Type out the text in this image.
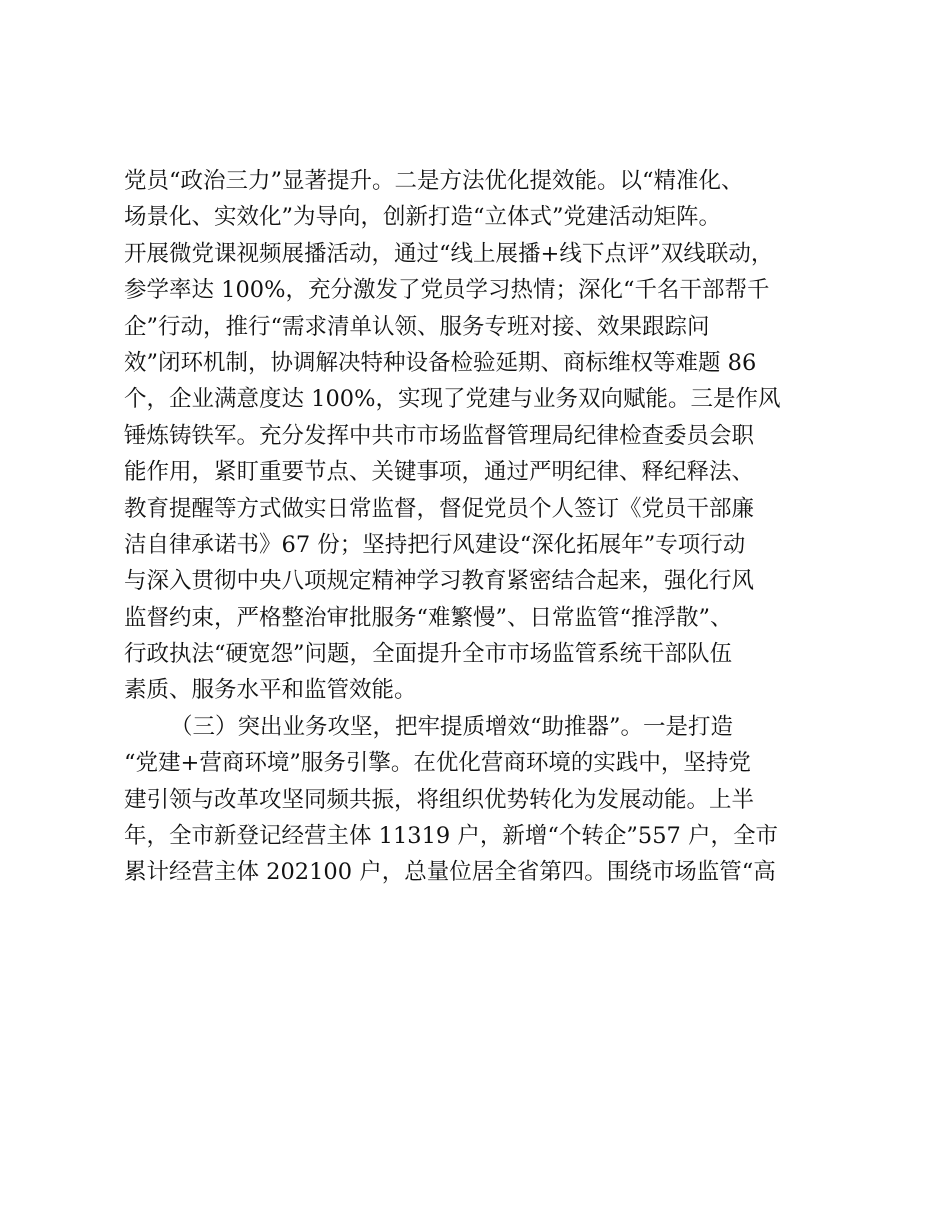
党员“政治三力”显著提升。二是方法优化提效能。以“精准化、
场景化、实效化”为导向，创新打造“立体式”党建活动矩阵。
开展微党课视频展播活动，通过“线上展播+线下点评”双线联动，
参学率达 100%，充分激发了党员学习热情；深化“千名干部帮千
企”行动，推行“需求清单认领、服务专班对接、效果跟踪问
效”闭环机制，协调解决特种设备检验延期、商标维权等难题 86
个，企业满意度达 100%，实现了党建与业务双向赋能。三是作风
锤炼铸铁军。充分发挥中共市市场监督管理局纪律检查委员会职
能作用，紧盯重要节点、关键事项，通过严明纪律、释纪释法、
教育提醒等方式做实日常监督，督促党员个人签订《党员干部廉
洁自律承诺书》67 份；坚持把行风建设“深化拓展年”专项行动
与深入贯彻中央八项规定精神学习教育紧密结合起来，强化行风
监督约束，严格整治审批服务“难繁慢”、日常监管“推浮散”、
行政执法“硬宽怨”问题，全面提升全市市场监管系统干部队伍
素质、服务水平和监管效能。
（三）突出业务攻坚，把牢提质增效“助推器”。一是打造
“党建+营商环境”服务引擎。在优化营商环境的实践中，坚持党
建引领与改革攻坚同频共振，将组织优势转化为发展动能。上半
年，全市新登记经营主体 11319 户，新增“个转企”557 户，全市
累计经营主体 202100 户，总量位居全省第四。围绕市场监管“高
